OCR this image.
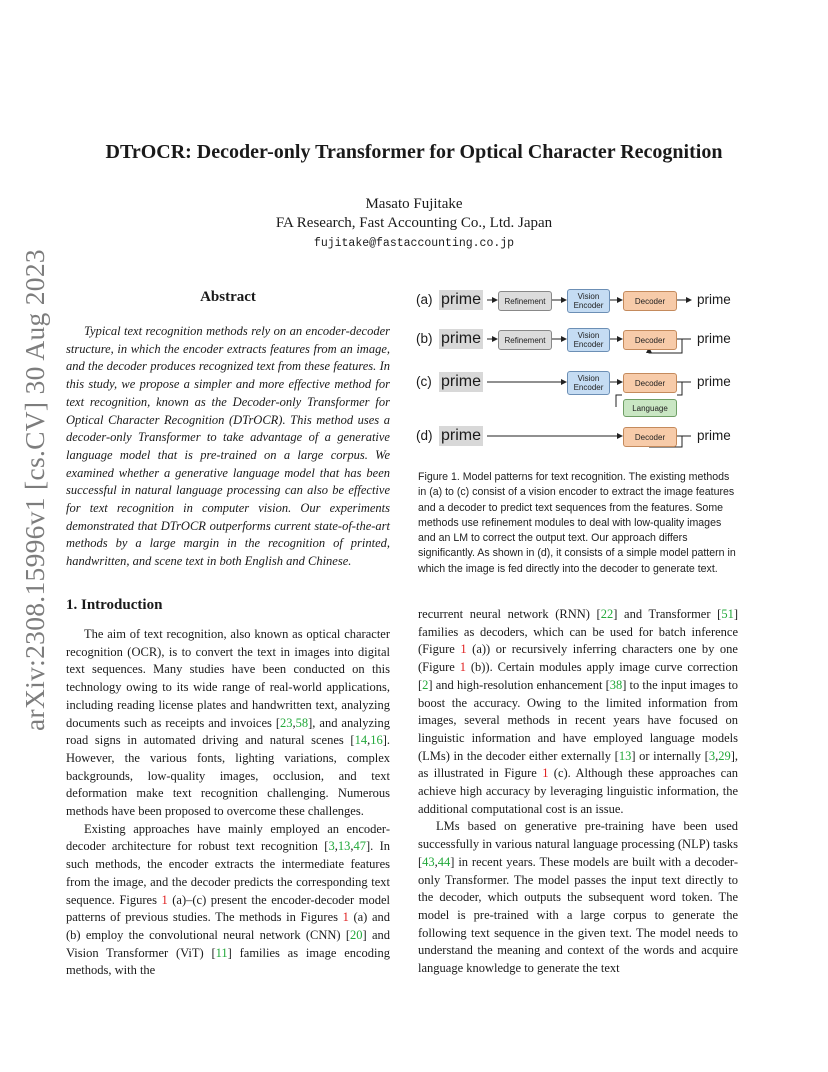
arXiv:2308.15996v1 [cs.CV] 30 Aug 2023
DTrOCR: Decoder-only Transformer for Optical Character Recognition
Masato Fujitake
FA Research, Fast Accounting Co., Ltd. Japan
fujitake@fastaccounting.co.jp
Abstract

Typical text recognition methods rely on an encoder-decoder structure, in which the encoder extracts features from an image, and the decoder produces recognized text from these features. In this study, we propose a simpler and more effective method for text recognition, known as the Decoder-only Transformer for Optical Character Recognition (DTrOCR). This method uses a decoder-only Transformer to take advantage of a generative language model that is pre-trained on a large corpus. We examined whether a generative language model that has been successful in natural language processing can also be effective for text recognition in computer vision. Our experiments demonstrated that DTrOCR outperforms current state-of-the-art methods by a large margin in the recognition of printed, handwritten, and scene text in both English and Chinese.

(a) prime	Refinement	Vision Encoder	Decoder	prime
(b) prime	Refinement	Vision Encoder	Decoder	prime
(c) prime	Vision Encoder	Decoder
Language
prime
(d) prime	Decoder	prime
Figure 1. Model patterns for text recognition. The existing methods in (a) to (c) consist of a vision encoder to extract the image features and a decoder to predict text sequences from the features. Some methods use refinement modules to deal with low-quality images and an LM to correct the output text. Our approach differs significantly. As shown in (d), it consists of a simple model pattern in which the image is fed directly into the decoder to generate text.
1. Introduction

The aim of text recognition, also known as optical character recognition (OCR), is to convert the text in images into digital text sequences. Many studies have been conducted on this technology owing to its wide range of real-world applications, including reading license plates and handwritten text, analyzing documents such as receipts and invoices [23,58], and analyzing road signs in automated driving and natural scenes [14,16]. However, the various fonts, lighting variations, complex backgrounds, low-quality images, occlusion, and text deformation make text recognition challenging. Numerous methods have been proposed to overcome these challenges.

Existing approaches have mainly employed an encoder-decoder architecture for robust text recognition [3,13,47]. In such methods, the encoder extracts the intermediate features from the image, and the decoder predicts the corresponding text sequence. Figures 1 (a)–(c) present the encoder-decoder model patterns of previous studies. The methods in Figures 1 (a) and (b) employ the convolutional neural network (CNN) [20] and Vision Transformer (ViT) [11] families as image encoding methods, with the

recurrent neural network (RNN) [22] and Transformer [51] families as decoders, which can be used for batch inference (Figure 1 (a)) or recursively inferring characters one by one (Figure 1 (b)). Certain modules apply image curve correction [2] and high-resolution enhancement [38] to the input images to boost the accuracy. Owing to the limited information from images, several methods in recent years have focused on linguistic information and have employed language models (LMs) in the decoder either externally [13] or internally [3,29], as illustrated in Figure 1 (c). Although these approaches can achieve high accuracy by leveraging linguistic information, the additional computational cost is an issue.

LMs based on generative pre-training have been used successfully in various natural language processing (NLP) tasks [43,44] in recent years. These models are built with a decoder-only Transformer. The model passes the input text directly to the decoder, which outputs the subsequent word token. The model is pre-trained with a large corpus to generate the following text sequence in the given text. The model needs to understand the meaning and context of the words and acquire language knowledge to generate the text
